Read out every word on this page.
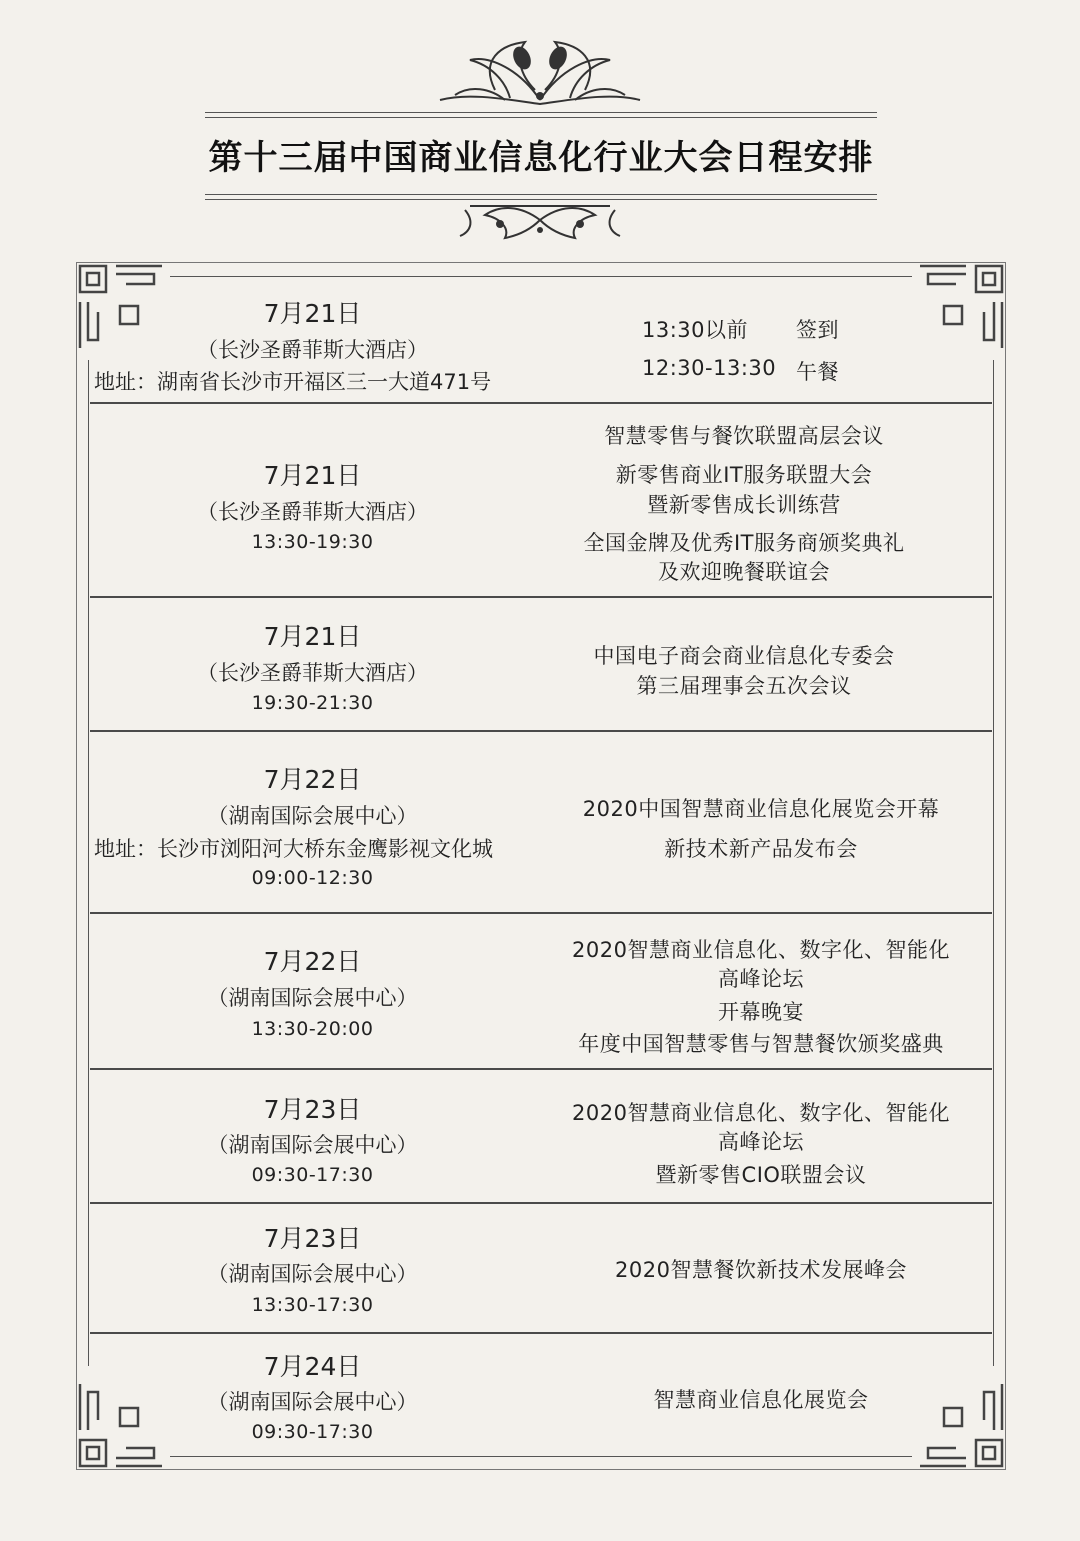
第十三届中国商业信息化行业大会日程安排
7月21日
（长沙圣爵菲斯大酒店）
地址：湖南省长沙市开福区三一大道471号
13:30以前 签到
12:30-13:30 午餐
7月21日
（长沙圣爵菲斯大酒店）
13:30-19:30
智慧零售与餐饮联盟高层会议
新零售商业IT服务联盟大会
暨新零售成长训练营
全国金牌及优秀IT服务商颁奖典礼
及欢迎晚餐联谊会
7月21日
（长沙圣爵菲斯大酒店）
19:30-21:30
中国电子商会商业信息化专委会
第三届理事会五次会议
7月22日
（湖南国际会展中心）
地址：长沙市浏阳河大桥东金鹰影视文化城
09:00-12:30
2020中国智慧商业信息化展览会开幕
新技术新产品发布会
7月22日
（湖南国际会展中心）
13:30-20:00
2020智慧商业信息化、数字化、智能化
高峰论坛
开幕晚宴
年度中国智慧零售与智慧餐饮颁奖盛典
7月23日
（湖南国际会展中心）
09:30-17:30
2020智慧商业信息化、数字化、智能化
高峰论坛
暨新零售CIO联盟会议
7月23日
（湖南国际会展中心）
13:30-17:30
2020智慧餐饮新技术发展峰会
7月24日
（湖南国际会展中心）
09:30-17:30
智慧商业信息化展览会
